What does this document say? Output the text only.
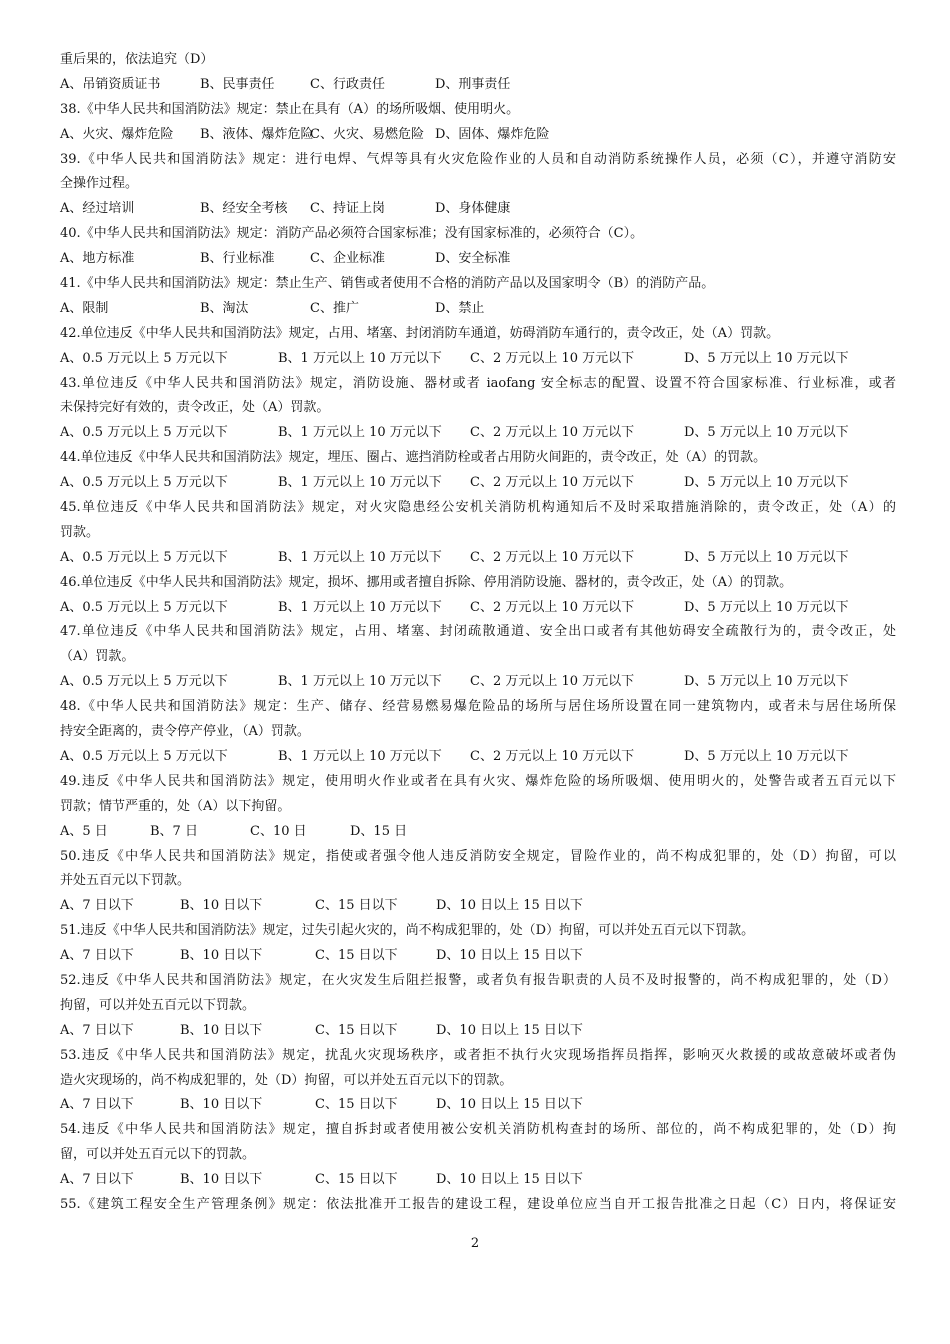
重后果的，依法追究（D）
A、吊销资质证书	B、民事责任	C、行政责任	D、刑事责任
38.《中华人民共和国消防法》规定：禁止在具有（A）的场所吸烟、使用明火。
A、火灾、爆炸危险	B、液体、爆炸危险
C、火灾、易燃危险 D、固体、爆炸危险
39.《中华人民共和国消防法》规定：进行电焊、气焊等具有火灾危险作业的人员和自动消防系统操作人员，必须（C），并遵守消防安
全操作过程。
A、经过培训	B、经安全考核	C、持证上岗	D、身体健康
40.《中华人民共和国消防法》规定：消防产品必须符合国家标准；没有国家标准的，必须符合（C）。
A、地方标准	B、行业标准	C、企业标准	D、安全标准
41.《中华人民共和国消防法》规定：禁止生产、销售或者使用不合格的消防产品以及国家明令（B）的消防产品。
A、限制	B、淘汰	C、推广	D、禁止
42.单位违反《中华人民共和国消防法》规定，占用、堵塞、封闭消防车通道，妨碍消防车通行的，责令改正，处（A）罚款。
A、0.5 万元以上 5 万元以下	B、1 万元以上 10 万元以下	C、2 万元以上 10 万元以下	D、5 万元以上 10 万元以下
43.单位违反《中华人民共和国消防法》规定，消防设施、器材或者 iaofang 安全标志的配置、设置不符合国家标准、行业标准，或者
未保持完好有效的，责令改正，处（A）罚款。
A、0.5 万元以上 5 万元以下	B、1 万元以上 10 万元以下	C、2 万元以上 10 万元以下	D、5 万元以上 10 万元以下
44.单位违反《中华人民共和国消防法》规定，埋压、圈占、遮挡消防栓或者占用防火间距的，责令改正，处（A）的罚款。
A、0.5 万元以上 5 万元以下	B、1 万元以上 10 万元以下	C、2 万元以上 10 万元以下	D、5 万元以上 10 万元以下
45.单位违反《中华人民共和国消防法》规定，对火灾隐患经公安机关消防机构通知后不及时采取措施消除的，责令改正，处（A）的
罚款。
A、0.5 万元以上 5 万元以下	B、1 万元以上 10 万元以下	C、2 万元以上 10 万元以下	D、5 万元以上 10 万元以下
46.单位违反《中华人民共和国消防法》规定，损坏、挪用或者擅自拆除、停用消防设施、器材的，责令改正，处（A）的罚款。
A、0.5 万元以上 5 万元以下	B、1 万元以上 10 万元以下	C、2 万元以上 10 万元以下	D、5 万元以上 10 万元以下
47.单位违反《中华人民共和国消防法》规定，占用、堵塞、封闭疏散通道、安全出口或者有其他妨碍安全疏散行为的，责令改正，处
（A）罚款。
A、0.5 万元以上 5 万元以下	B、1 万元以上 10 万元以下	C、2 万元以上 10 万元以下	D、5 万元以上 10 万元以下
48.《中华人民共和国消防法》规定：生产、储存、经营易燃易爆危险品的场所与居住场所设置在同一建筑物内，或者未与居住场所保
持安全距离的，责令停产停业，（A）罚款。
A、0.5 万元以上 5 万元以下	B、1 万元以上 10 万元以下	C、2 万元以上 10 万元以下	D、5 万元以上 10 万元以下
49.违反《中华人民共和国消防法》规定，使用明火作业或者在具有火灾、爆炸危险的场所吸烟、使用明火的，处警告或者五百元以下
罚款；情节严重的，处（A）以下拘留。
A、5 日	B、7 日	C、10 日	D、15 日
50.违反《中华人民共和国消防法》规定，指使或者强令他人违反消防安全规定，冒险作业的，尚不构成犯罪的，处（D）拘留，可以
并处五百元以下罚款。
A、7 日以下	B、10 日以下	C、15 日以下	D、10 日以上 15 日以下
51.违反《中华人民共和国消防法》规定，过失引起火灾的，尚不构成犯罪的，处（D）拘留，可以并处五百元以下罚款。
A、7 日以下	B、10 日以下	C、15 日以下	D、10 日以上 15 日以下
52.违反《中华人民共和国消防法》规定，在火灾发生后阻拦报警，或者负有报告职责的人员不及时报警的，尚不构成犯罪的，处（D）
拘留，可以并处五百元以下罚款。
A、7 日以下	B、10 日以下	C、15 日以下	D、10 日以上 15 日以下
53.违反《中华人民共和国消防法》规定，扰乱火灾现场秩序，或者拒不执行火灾现场指挥员指挥，影响灭火救援的或故意破坏或者伪
造火灾现场的，尚不构成犯罪的，处（D）拘留，可以并处五百元以下的罚款。
A、7 日以下	B、10 日以下	C、15 日以下	D、10 日以上 15 日以下
54.违反《中华人民共和国消防法》规定，擅自拆封或者使用被公安机关消防机构查封的场所、部位的，尚不构成犯罪的，处（D）拘
留，可以并处五百元以下的罚款。
A、7 日以下	B、10 日以下	C、15 日以下	D、10 日以上 15 日以下
55.《建筑工程安全生产管理条例》规定：依法批准开工报告的建设工程，建设单位应当自开工报告批准之日起（C）日内，将保证安
2
